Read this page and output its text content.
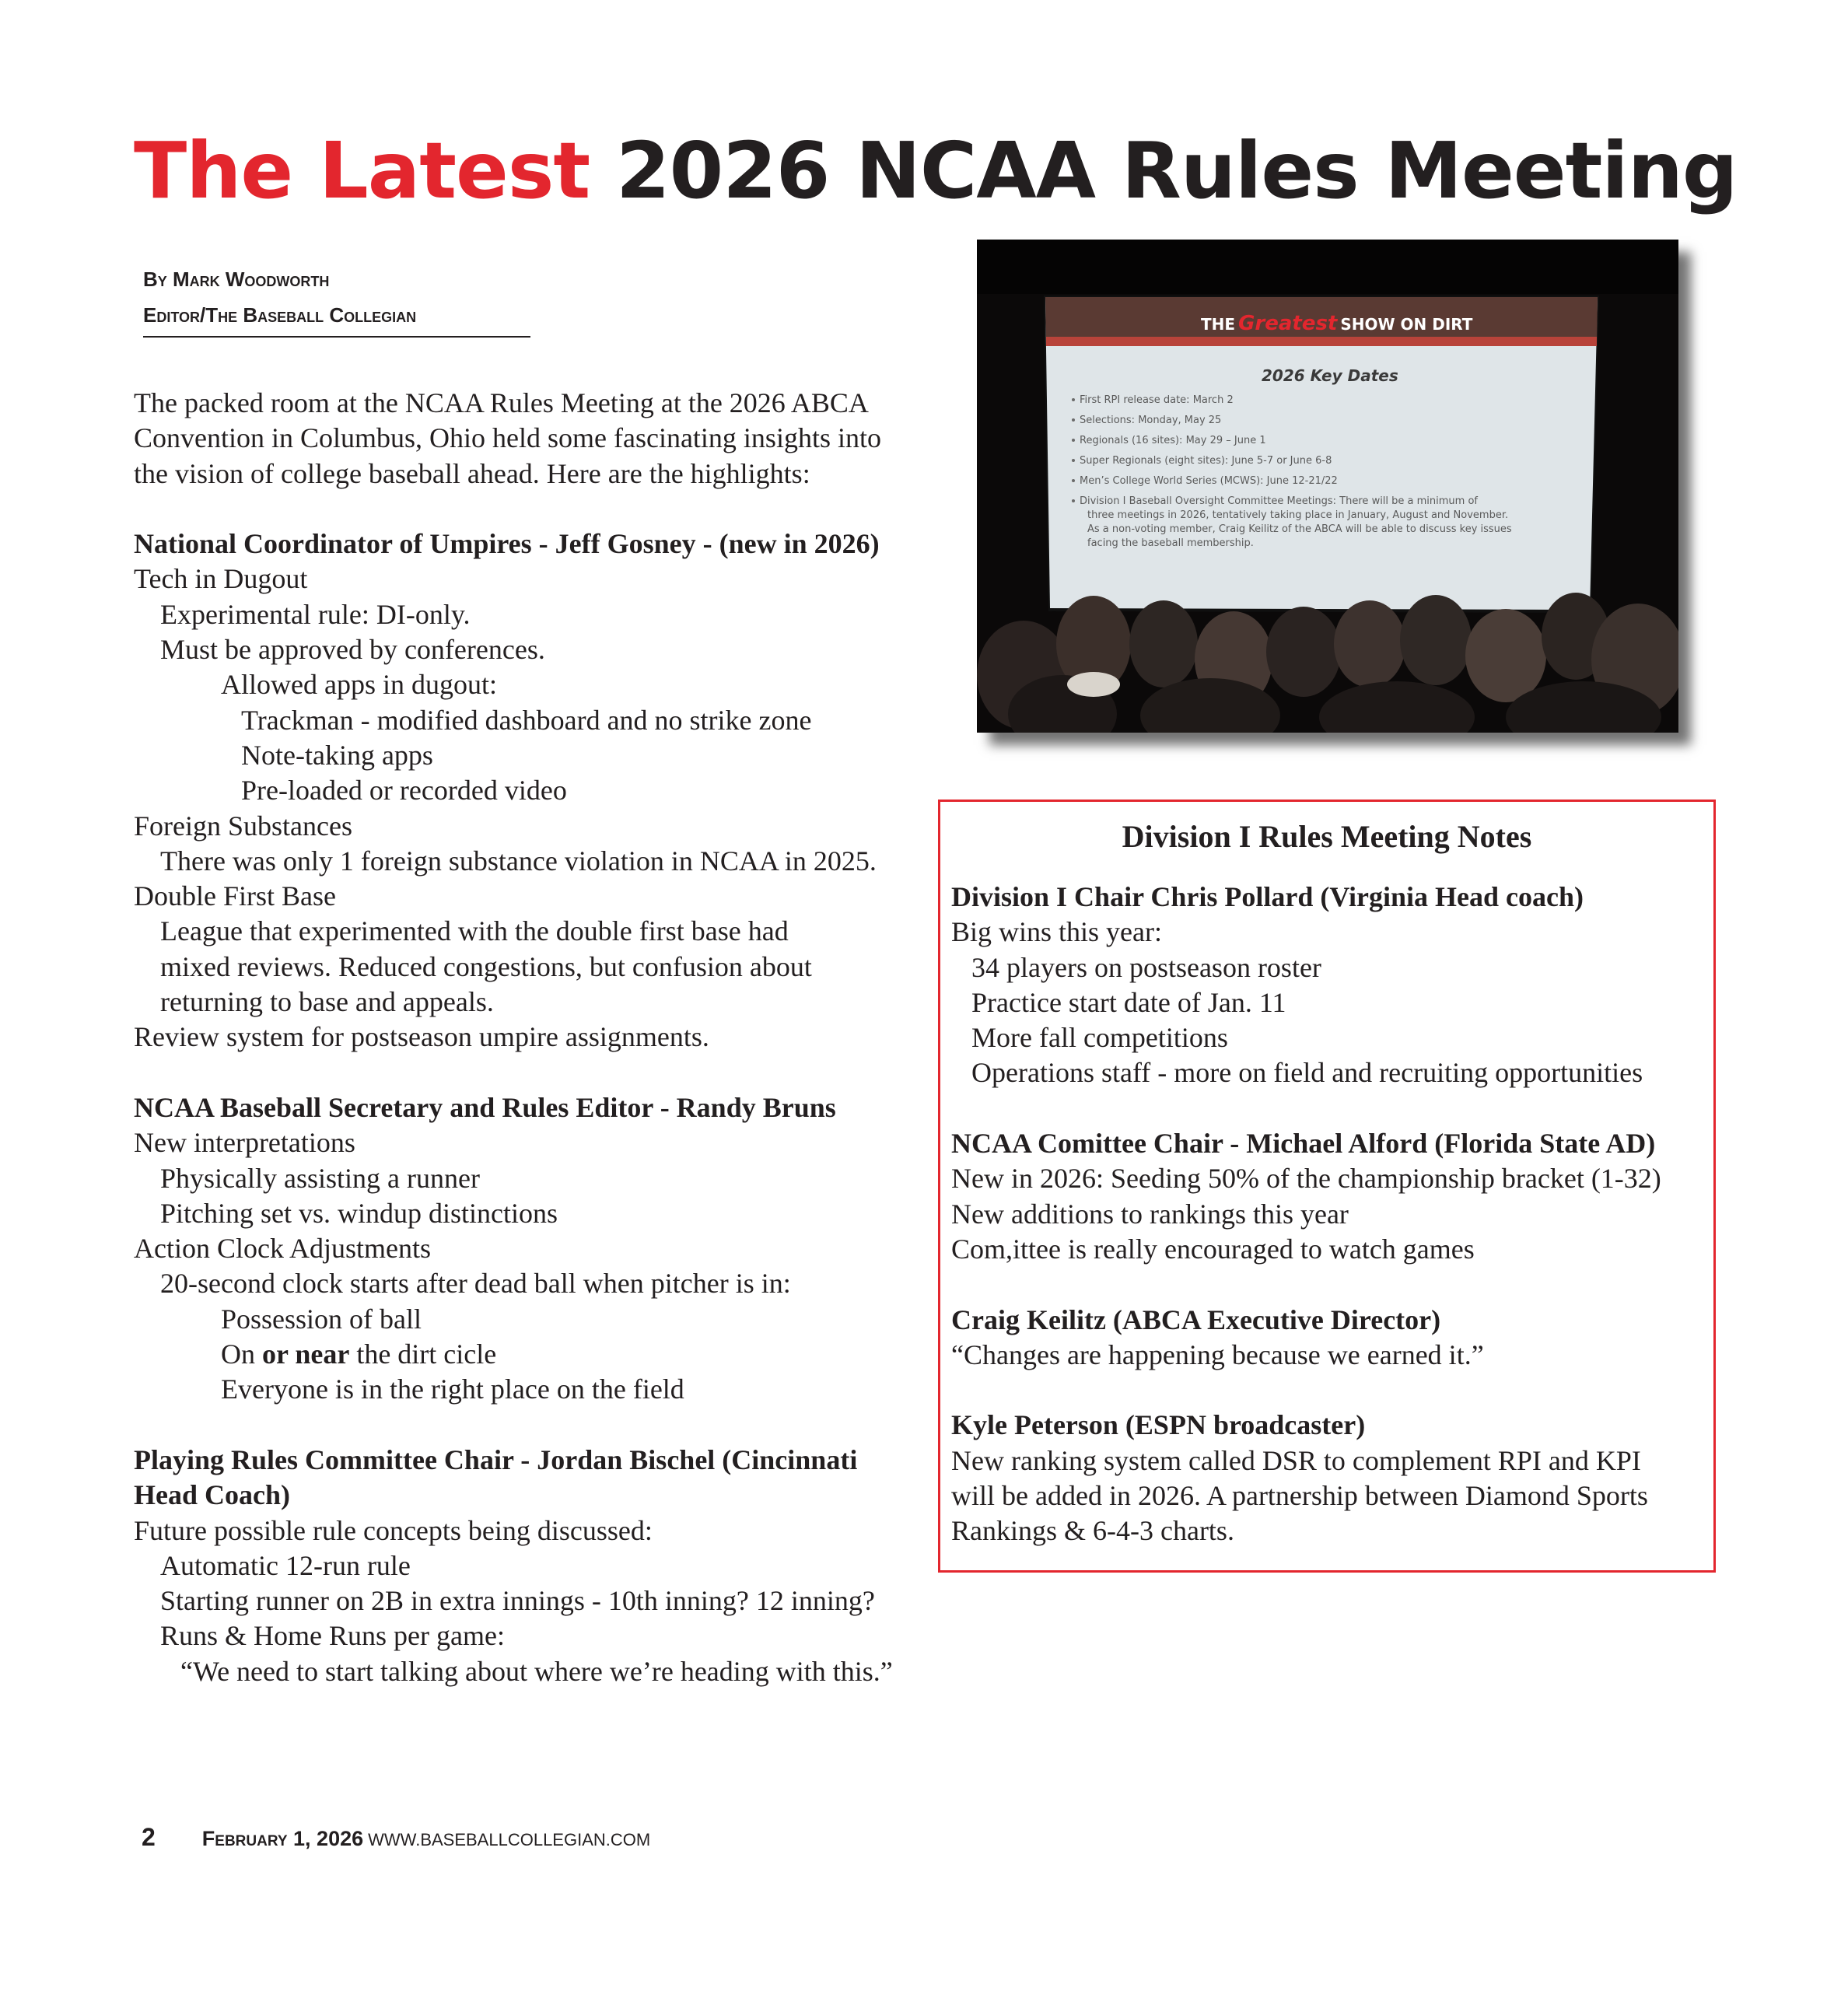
The Latest 2026 NCAA Rules Meeting
By Mark Woodworth
Editor/The Baseball Collegian

The packed room at the NCAA Rules Meeting at the 2026 ABCA Convention in Columbus, Ohio held some fascinating insights into the vision of college baseball ahead. Here are the highlights:

National Coordinator of Umpires - Jeff Gosney - (new in 2026)

Tech in Dugout

Experimental rule: DI-only.

Must be approved by conferences.

Allowed apps in dugout:

Trackman - modified dashboard and no strike zone

Note-taking apps

Pre-loaded or recorded video

Foreign Substances

There was only 1 foreign substance violation in NCAA in 2025.

Double First Base

League that experimented with the double first base had

mixed reviews. Reduced congestions, but confusion about

returning to base and appeals.

Review system for postseason umpire assignments.

NCAA Baseball Secretary and Rules Editor - Randy Bruns

New interpretations

Physically assisting a runner

Pitching set vs. windup distinctions

Action Clock Adjustments

20-second clock starts after dead ball when pitcher is in:

Possession of ball

On or near the dirt cicle

Everyone is in the right place on the field

Playing Rules Committee Chair - Jordan Bischel (Cincinnati

Head Coach)

Future possible rule concepts being discussed:

Automatic 12-run rule

Starting runner on 2B in extra innings - 10th inning? 12 inning?

Runs & Home Runs per game:

“We need to start talking about where we’re heading with this.”

THE Greatest SHOW ON DIRT
2026 Key Dates
First RPI release date: March 2
Selections: Monday, May 25
Regionals (16 sites): May 29 – June 1
Super Regionals (eight sites): June 5-7 or June 6-8
Men’s College World Series (MCWS): June 12-21/22
Division I Baseball Oversight Committee Meetings: There will be a minimum of
three meetings in 2026, tentatively taking place in January, August and November.
As a non-voting member, Craig Keilitz of the ABCA will be able to discuss key issues
facing the baseball membership.
Division I Rules Meeting Notes

Division I Chair Chris Pollard (Virginia Head coach)

Big wins this year:

34 players on postseason roster

Practice start date of Jan. 11

More fall competitions

Operations staff - more on field and recruiting opportunities

NCAA Comittee Chair - Michael Alford (Florida State AD)

New in 2026: Seeding 50% of the championship bracket (1-32)

New additions to rankings this year

Com,ittee is really encouraged to watch games

Craig Keilitz (ABCA Executive Director)

“Changes are happening because we earned it.”

Kyle Peterson (ESPN broadcaster)

New ranking system called DSR to complement RPI and KPI

will be added in 2026. A partnership between Diamond Sports

Rankings & 6-4-3 charts.

2 February 1, 2026 WWW.BASEBALLCOLLEGIAN.COM
